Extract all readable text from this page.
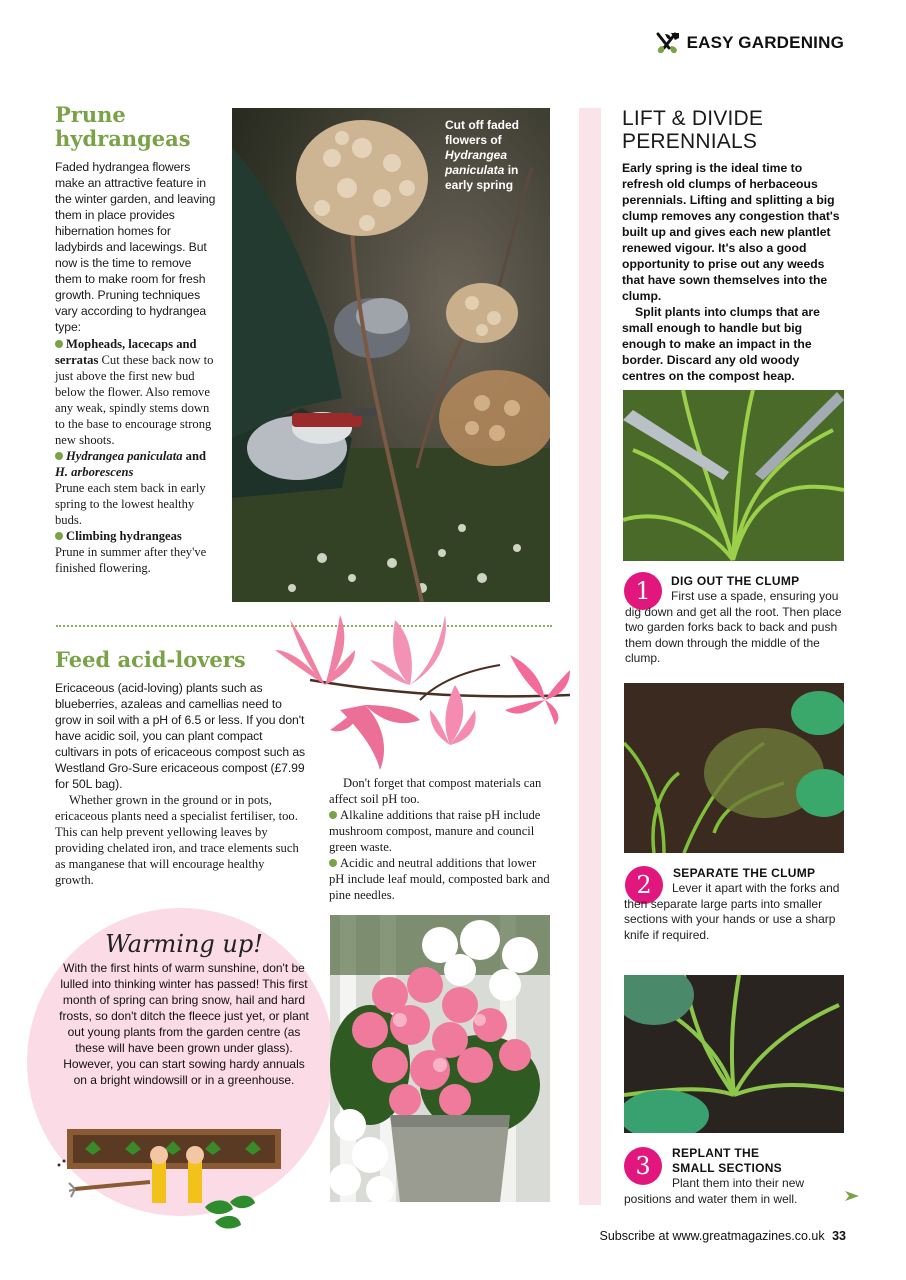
EASY GARDENING
Prune
hydrangeas
Faded hydrangea flowers make an attractive feature in the winter garden, and leaving them in place provides hibernation homes for ladybirds and lacewings. But now is the time to remove them to make room for fresh growth. Pruning techniques vary according to hydrangea type:
Mopheads, lacecaps and serratas Cut these back now to just above the first new bud below the flower. Also remove any weak, spindly stems down to the base to encourage strong new shoots.
Hydrangea paniculata and H. arborescens
Prune each stem back in early spring to the lowest healthy buds.
Climbing hydrangeas
Prune in summer after they've finished flowering.
Cut off faded flowers of Hydrangea paniculata in early spring
Feed acid-lovers
Ericaceous (acid-loving) plants such as blueberries, azaleas and camellias need to grow in soil with a pH of 6.5 or less. If you don't have acidic soil, you can plant compact cultivars in pots of ericaceous compost such as Westland Gro-Sure ericaceous compost (£7.99 for 50L bag).
Whether grown in the ground or in pots, ericaceous plants need a specialist fertiliser, too. This can help prevent yellowing leaves by providing chelated iron, and trace elements such as manganese that will encourage healthy growth.
Don't forget that compost materials can affect soil pH too.
Alkaline additions that raise pH include mushroom compost, manure and council green waste.
Acidic and neutral additions that lower pH include leaf mould, composted bark and pine needles.
Warming up!
With the first hints of warm sunshine, don't be lulled into thinking winter has passed! This first month of spring can bring snow, hail and hard frosts, so don't ditch the fleece just yet, or plant out young plants from the garden centre (as these will have been grown under glass). However, you can start sowing hardy annuals on a bright windowsill or in a greenhouse.
LIFT & DIVIDE
PERENNIALS
Early spring is the ideal time to refresh old clumps of herbaceous perennials. Lifting and splitting a big clump removes any congestion that's built up and gives each new plantlet renewed vigour. It's also a good opportunity to prise out any weeds that have sown themselves into the clump.
Split plants into clumps that are small enough to handle but big enough to make an impact in the border. Discard any old woody centres on the compost heap.
1	DIG OUT THE CLUMP
First use a spade, ensuring you dig down and get all the root. Then place two garden forks back to back and push them down through the middle of the clump.
2	SEPARATE THE CLUMP
Lever it apart with the forks and then separate large parts into smaller sections with your hands or use a sharp knife if required.
3	REPLANT THE
SMALL SECTIONS
Plant them into their new positions and water them in well.
Subscribe at www.greatmagazines.co.uk 33
